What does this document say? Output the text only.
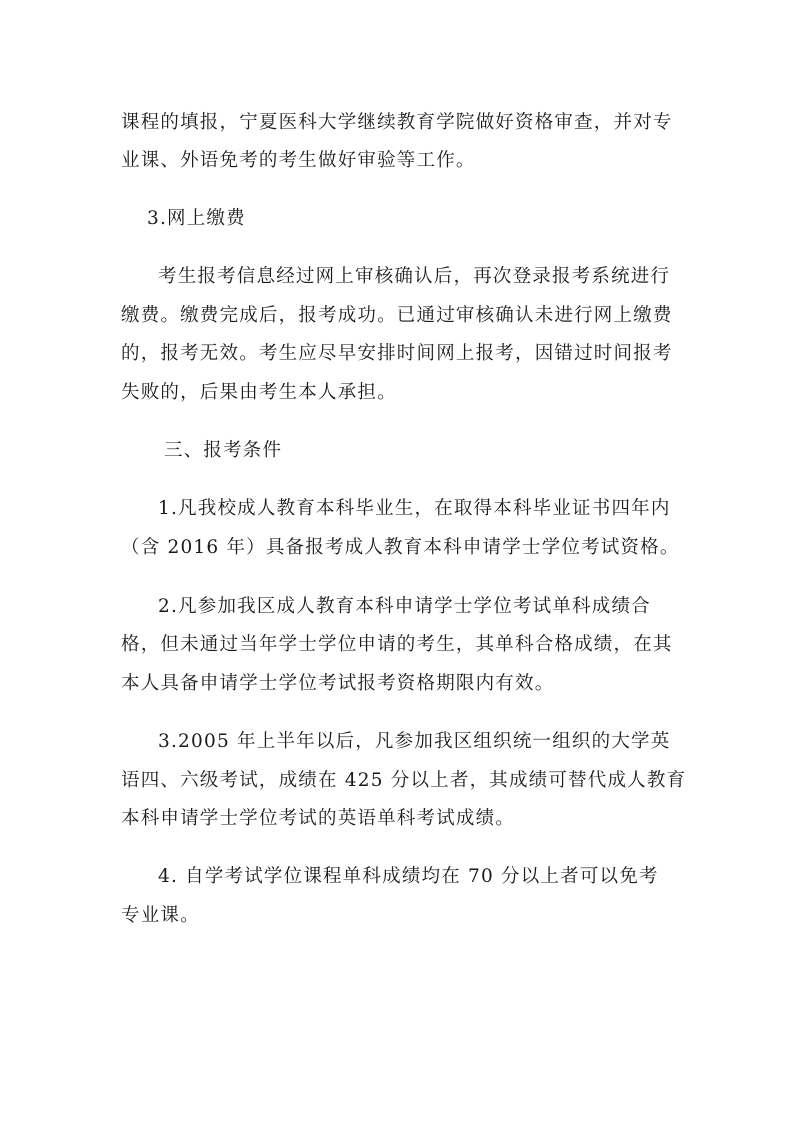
课程的填报，宁夏医科大学继续教育学院做好资格审查，并对专
业课、外语免考的考生做好审验等工作。
3.网上缴费
考生报考信息经过网上审核确认后，再次登录报考系统进行
缴费。缴费完成后，报考成功。已通过审核确认未进行网上缴费
的，报考无效。考生应尽早安排时间网上报考，因错过时间报考
失败的，后果由考生本人承担。
三、报考条件
1.凡我校成人教育本科毕业生，在取得本科毕业证书四年内
（含 2016 年）具备报考成人教育本科申请学士学位考试资格。
2.凡参加我区成人教育本科申请学士学位考试单科成绩合
格，但未通过当年学士学位申请的考生，其单科合格成绩，在其
本人具备申请学士学位考试报考资格期限内有效。
3.2005 年上半年以后，凡参加我区组织统一组织的大学英
语四、六级考试，成绩在 425 分以上者，其成绩可替代成人教育
本科申请学士学位考试的英语单科考试成绩。
4. 自学考试学位课程单科成绩均在 70 分以上者可以免考
专业课。
